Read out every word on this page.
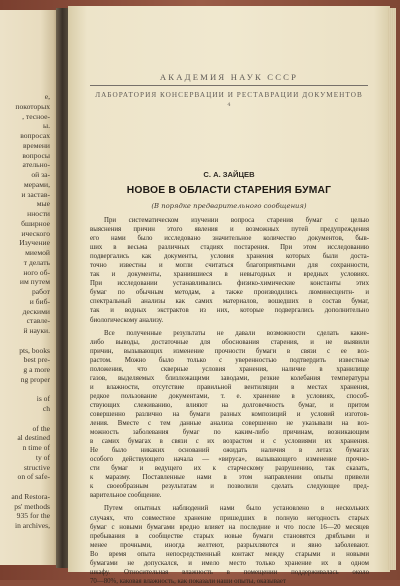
е,
покоторых
, тесное-
ы.
вопросах
времени
вопросы
ательно-
ой за-
мерами,
и застав-
мые
нности
бширное
ического
Изучение
миемой
т делать
ного об-
им путем
работ
и биб-
дескими
ставле-
й науки.
pts, books
best pre-
g a more
ng proper
is of
ch
of the
al destined
n time of
ty of
structive
on of safe-
and Restora-
ps' methods
935 for the
in archives,
АКАДЕМИЯ НАУК СССР
ЛАБОРАТОРИЯ КОНСЕРВАЦИИ И РЕСТАВРАЦИИ ДОКУМЕНТОВ
4
С. А. ЗАЙЦЕВ
НОВОЕ В ОБЛАСТИ СТАРЕНИЯ БУМАГ
(В порядке предварительного сообщения)
При систематическом изучении вопроса старения бумаг с целью
выяснения причин этого явления и возможных путей предупреждения
его нами было исследовано значительное количество документов, быв-
ших в весьма различных стадиях постарения. При этом исследованию
подвергались как документы, условия хранения которых были доста-
точно известны и могли считаться благоприятными для сохранности,
так и документы, хранившиеся в невыгодных и вредных условиях.
При исследовании устанавливались физико-химические константы этих
бумаг по обычным методам, а также производились люминесцентн- и
спектральный анализы как самих материалов, вошедших в состав бумаг,
так и водных экстрактов из них, которые подвергались дополнительно
биологическому анализу.
Все полученные результаты не давали возможности сделать какие-
либо выводы, достаточные для обоснования старения, и не выявили
причин, вызывающих изменение прочности бумаги в связи с ее воз-
растом. Можно было только с уверенностью подтвердить известные
положения, что скверные условия хранения, наличие в хранилище
газов, выделяемых близлежащими заводами, резкие колебания температуры
и влажности, отсутствие правильной вентиляции в местах хранения,
редкое пользование документами, т. е. хранение в условиях, способ-
ствующих слеживанию, влияют на долговечность бумаг, и притом
совершенно различно на бумаги разных композиций и условий изготов-
ления. Вместе с тем данные анализа совершенно не указывали на воз-
можность заболевания бумаг по каким-либо причинам, возникающим
в самих бумагах в связи с их возрастом и с условиями их хранения.
Не было никаких оснований ожидать наличия в летах бумагах
особого действующего начала — «вируса», вызывающего изменение прочно-
сти бумаг и ведущего их к старческому разрушению, так сказать,
к маразму. Поставленные нами в этом направлении опыты привели
к своеобразным результатам и позволили сделать следующее пред-
варительное сообщение.
Путем опытных наблюдений нами было установлено в нескольких
случаях, что совместное хранение пришедших в полную негодность старых
бумаг с новыми бумагами вредно влияет на последние и что после 16—20 месяцев
пребывания в сообществе старых новые бумаги становятся дряблыми и
менее прочными, иногда желтеют, разрыхляются и явно заболевают.
Во время опыта непосредственный контакт между старыми и новыми
бумагами не допускался, и имело место только хранение их в одном
шкафу. Относительная влажность в помещении поддерживалась около
70—80%, каковая влажность, как показали наши опыты, оказывает
